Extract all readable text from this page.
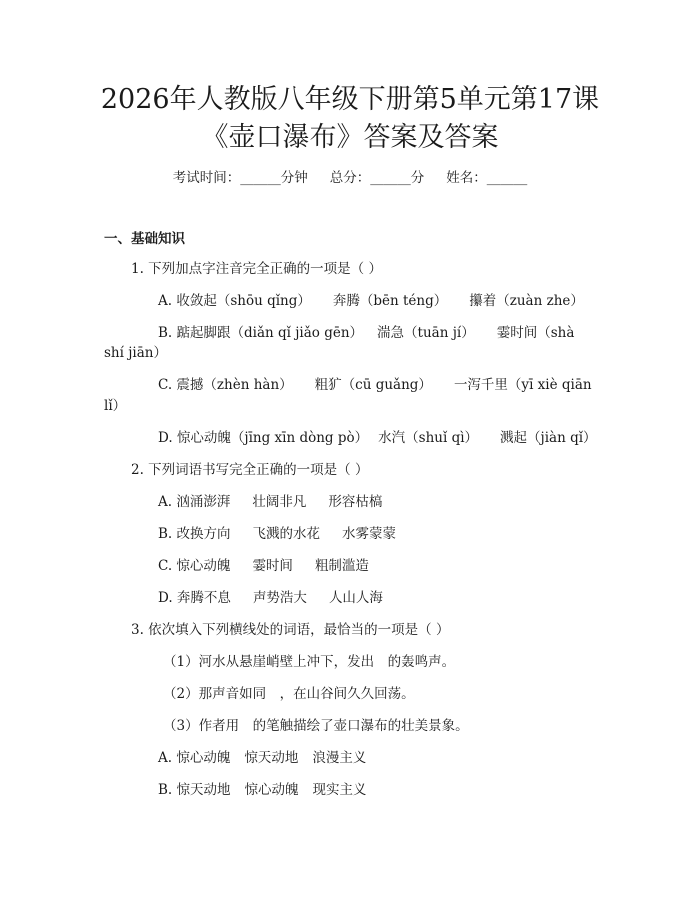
2026年人教版八年级下册第5单元第17课
《壶口瀑布》答案及答案
考试时间：______分钟 总分：______分 姓名：______
一、基础知识
1. 下列加点字注音完全正确的一项是（ ）
A. 收敛起（shōu qǐng） 奔腾（bēn téng） 攥着（zuàn zhe）
B. 踮起脚跟（diǎn qǐ jiǎo gēn） 湍急（tuān jí） 霎时间（shà
shí jiān）
C. 震撼（zhèn hàn） 粗犷（cū guǎng） 一泻千里（yī xiè qiān
lǐ）
D. 惊心动魄（jīng xīn dòng pò） 水汽（shuǐ qì） 溅起（jiàn qǐ）
2. 下列词语书写完全正确的一项是（ ）
A. 汹涌澎湃 壮阔非凡 形容枯槁
B. 改换方向 飞溅的水花 水雾蒙蒙
C. 惊心动魄 霎时间 粗制滥造
D. 奔腾不息 声势浩大 人山人海
3. 依次填入下列横线处的词语，最恰当的一项是（ ）
（1）河水从悬崖峭壁上冲下，发出　的轰鸣声。
（2）那声音如同　，在山谷间久久回荡。
（3）作者用　的笔触描绘了壶口瀑布的壮美景象。
A. 惊心动魄 惊天动地 浪漫主义
B. 惊天动地 惊心动魄 现实主义
